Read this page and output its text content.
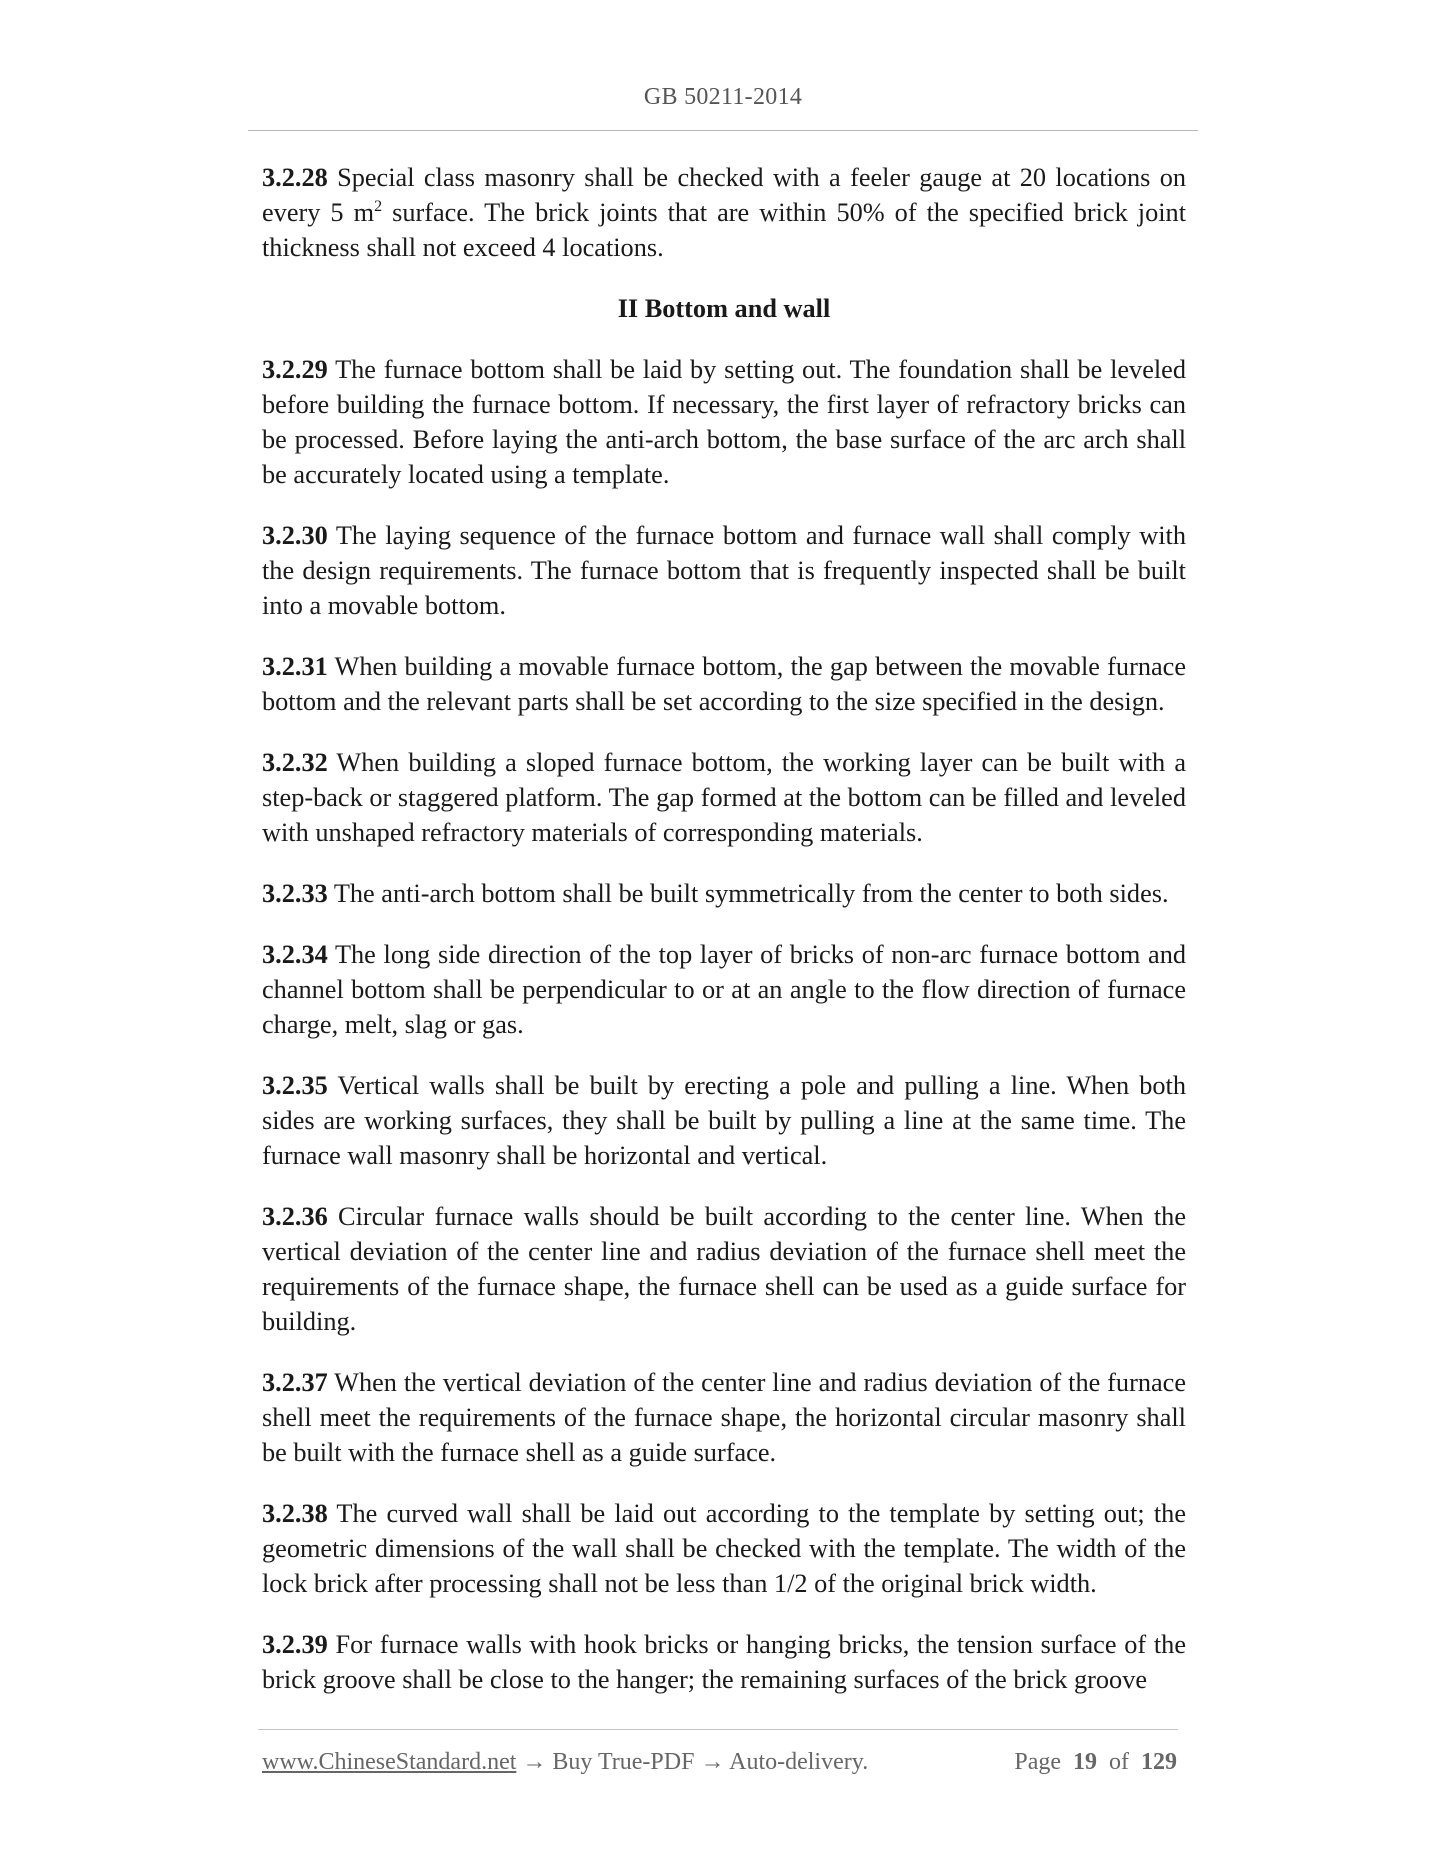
GB 50211-2014

3.2.28 Special class masonry shall be checked with a feeler gauge at 20 locations on every 5 $m^2$ surface. The brick joints that are within 50% of the specified brick joint thickness shall not exceed 4 locations.

II Bottom and wall

3.2.29 The furnace bottom shall be laid by setting out. The foundation shall be leveled before building the furnace bottom. If necessary, the first layer of refractory bricks can be processed. Before laying the anti-arch bottom, the base surface of the arc arch shall be accurately located using a template.

3.2.30 The laying sequence of the furnace bottom and furnace wall shall comply with the design requirements. The furnace bottom that is frequently inspected shall be built into a movable bottom.

3.2.31 When building a movable furnace bottom, the gap between the movable furnace bottom and the relevant parts shall be set according to the size specified in the design.

3.2.32 When building a sloped furnace bottom, the working layer can be built with a step-back or staggered platform. The gap formed at the bottom can be filled and leveled with unshaped refractory materials of corresponding materials.

3.2.33 The anti-arch bottom shall be built symmetrically from the center to both sides.

3.2.34 The long side direction of the top layer of bricks of non-arc furnace bottom and channel bottom shall be perpendicular to or at an angle to the flow direction of furnace charge, melt, slag or gas.

3.2.35 Vertical walls shall be built by erecting a pole and pulling a line. When both sides are working surfaces, they shall be built by pulling a line at the same time. The furnace wall masonry shall be horizontal and vertical.

3.2.36 Circular furnace walls should be built according to the center line. When the vertical deviation of the center line and radius deviation of the furnace shell meet the requirements of the furnace shape, the furnace shell can be used as a guide surface for building.

3.2.37 When the vertical deviation of the center line and radius deviation of the furnace shell meet the requirements of the furnace shape, the horizontal circular masonry shall be built with the furnace shell as a guide surface.

3.2.38 The curved wall shall be laid out according to the template by setting out; the geometric dimensions of the wall shall be checked with the template. The width of the lock brick after processing shall not be less than 1/2 of the original brick width.

3.2.39 For furnace walls with hook bricks or hanging bricks, the tension surface of the brick groove shall be close to the hanger; the remaining surfaces of the brick groove

www.ChineseStandard.net → Buy True-PDF → Auto-delivery.	Page 19 of 129
